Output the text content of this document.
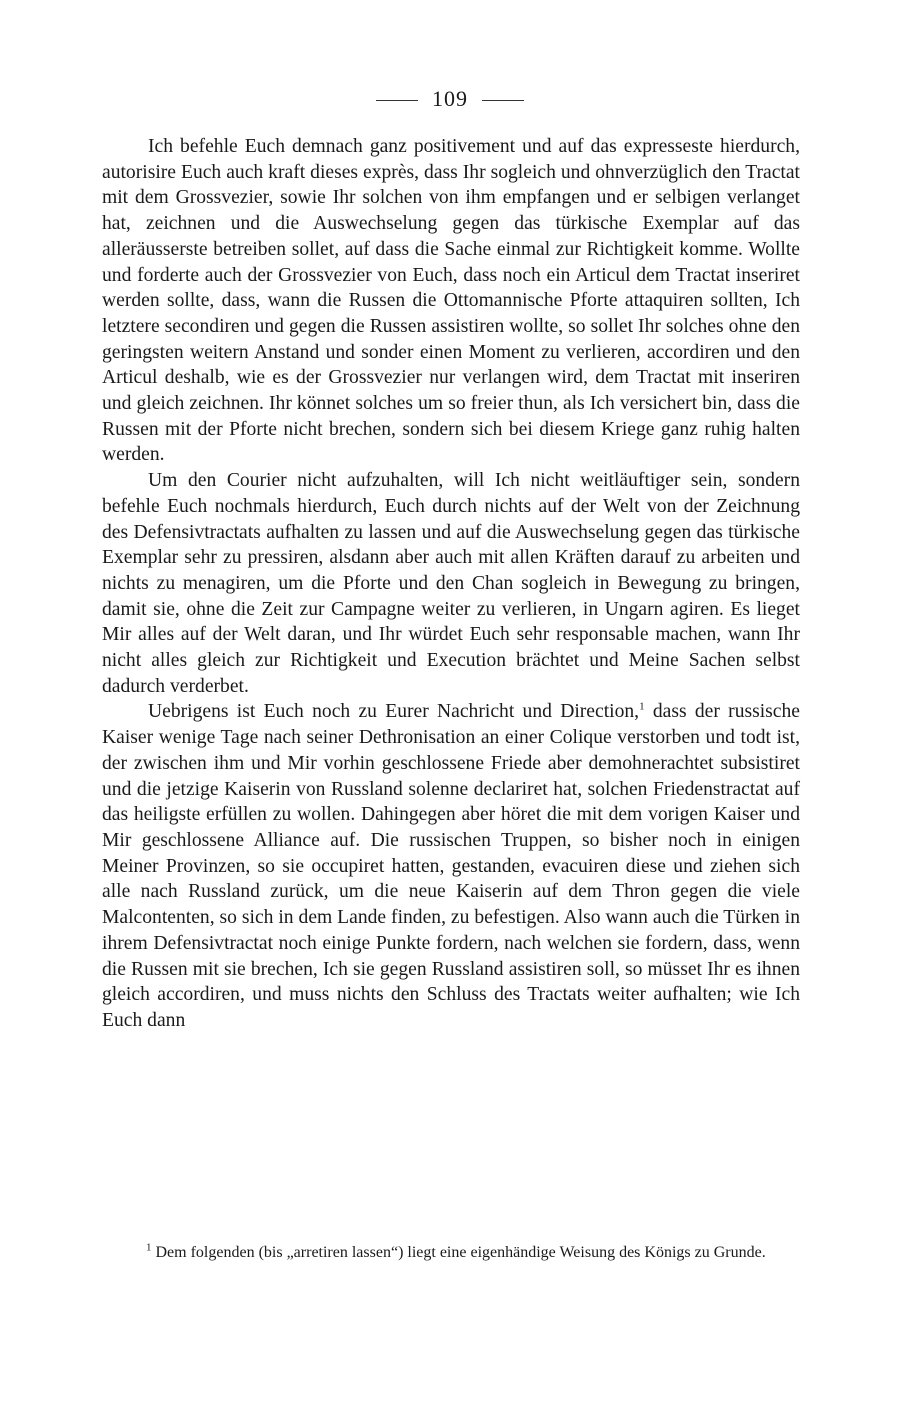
109

Ich befehle Euch demnach ganz positivement und auf das expresseste hierdurch, autorisire Euch auch kraft dieses exprès, dass Ihr sogleich und ohnverzüglich den Tractat mit dem Grossvezier, sowie Ihr solchen von ihm empfangen und er selbigen verlanget hat, zeichnen und die Auswechselung gegen das türkische Exemplar auf das alleräusserste betreiben sollet, auf dass die Sache einmal zur Richtigkeit komme. Wollte und forderte auch der Grossvezier von Euch, dass noch ein Articul dem Tractat inseriret werden sollte, dass, wann die Russen die Ottomannische Pforte attaquiren sollten, Ich letztere secondiren und gegen die Russen assistiren wollte, so sollet Ihr solches ohne den geringsten weitern Anstand und sonder einen Moment zu verlieren, accordiren und den Articul deshalb, wie es der Grossvezier nur verlangen wird, dem Tractat mit inseriren und gleich zeichnen. Ihr könnet solches um so freier thun, als Ich versichert bin, dass die Russen mit der Pforte nicht brechen, sondern sich bei diesem Kriege ganz ruhig halten werden.

Um den Courier nicht aufzuhalten, will Ich nicht weitläuftiger sein, sondern befehle Euch nochmals hierdurch, Euch durch nichts auf der Welt von der Zeichnung des Defensivtractats aufhalten zu lassen und auf die Auswechselung gegen das türkische Exemplar sehr zu pressiren, alsdann aber auch mit allen Kräften darauf zu arbeiten und nichts zu menagiren, um die Pforte und den Chan sogleich in Bewegung zu bringen, damit sie, ohne die Zeit zur Campagne weiter zu verlieren, in Ungarn agiren. Es lieget Mir alles auf der Welt daran, und Ihr würdet Euch sehr responsable machen, wann Ihr nicht alles gleich zur Richtigkeit und Execution brächtet und Meine Sachen selbst dadurch verderbet.

Uebrigens ist Euch noch zu Eurer Nachricht und Direction,$^1$ dass der russische Kaiser wenige Tage nach seiner Dethronisation an einer Colique verstorben und todt ist, der zwischen ihm und Mir vorhin geschlossene Friede aber demohnerachtet subsistiret und die jetzige Kaiserin von Russland solenne declariret hat, solchen Friedenstractat auf das heiligste erfüllen zu wollen. Dahingegen aber höret die mit dem vorigen Kaiser und Mir geschlossene Alliance auf. Die russischen Truppen, so bisher noch in einigen Meiner Provinzen, so sie occupiret hatten, gestanden, evacuiren diese und ziehen sich alle nach Russland zurück, um die neue Kaiserin auf dem Thron gegen die viele Malcontenten, so sich in dem Lande finden, zu befestigen. Also wann auch die Türken in ihrem Defensivtractat noch einige Punkte fordern, nach welchen sie fordern, dass, wenn die Russen mit sie brechen, Ich sie gegen Russland assistiren soll, so müsset Ihr es ihnen gleich accordiren, und muss nichts den Schluss des Tractats weiter aufhalten; wie Ich Euch dann

$^1$ Dem folgenden (bis „arretiren lassen“) liegt eine eigenhändige Weisung des Königs zu Grunde.
